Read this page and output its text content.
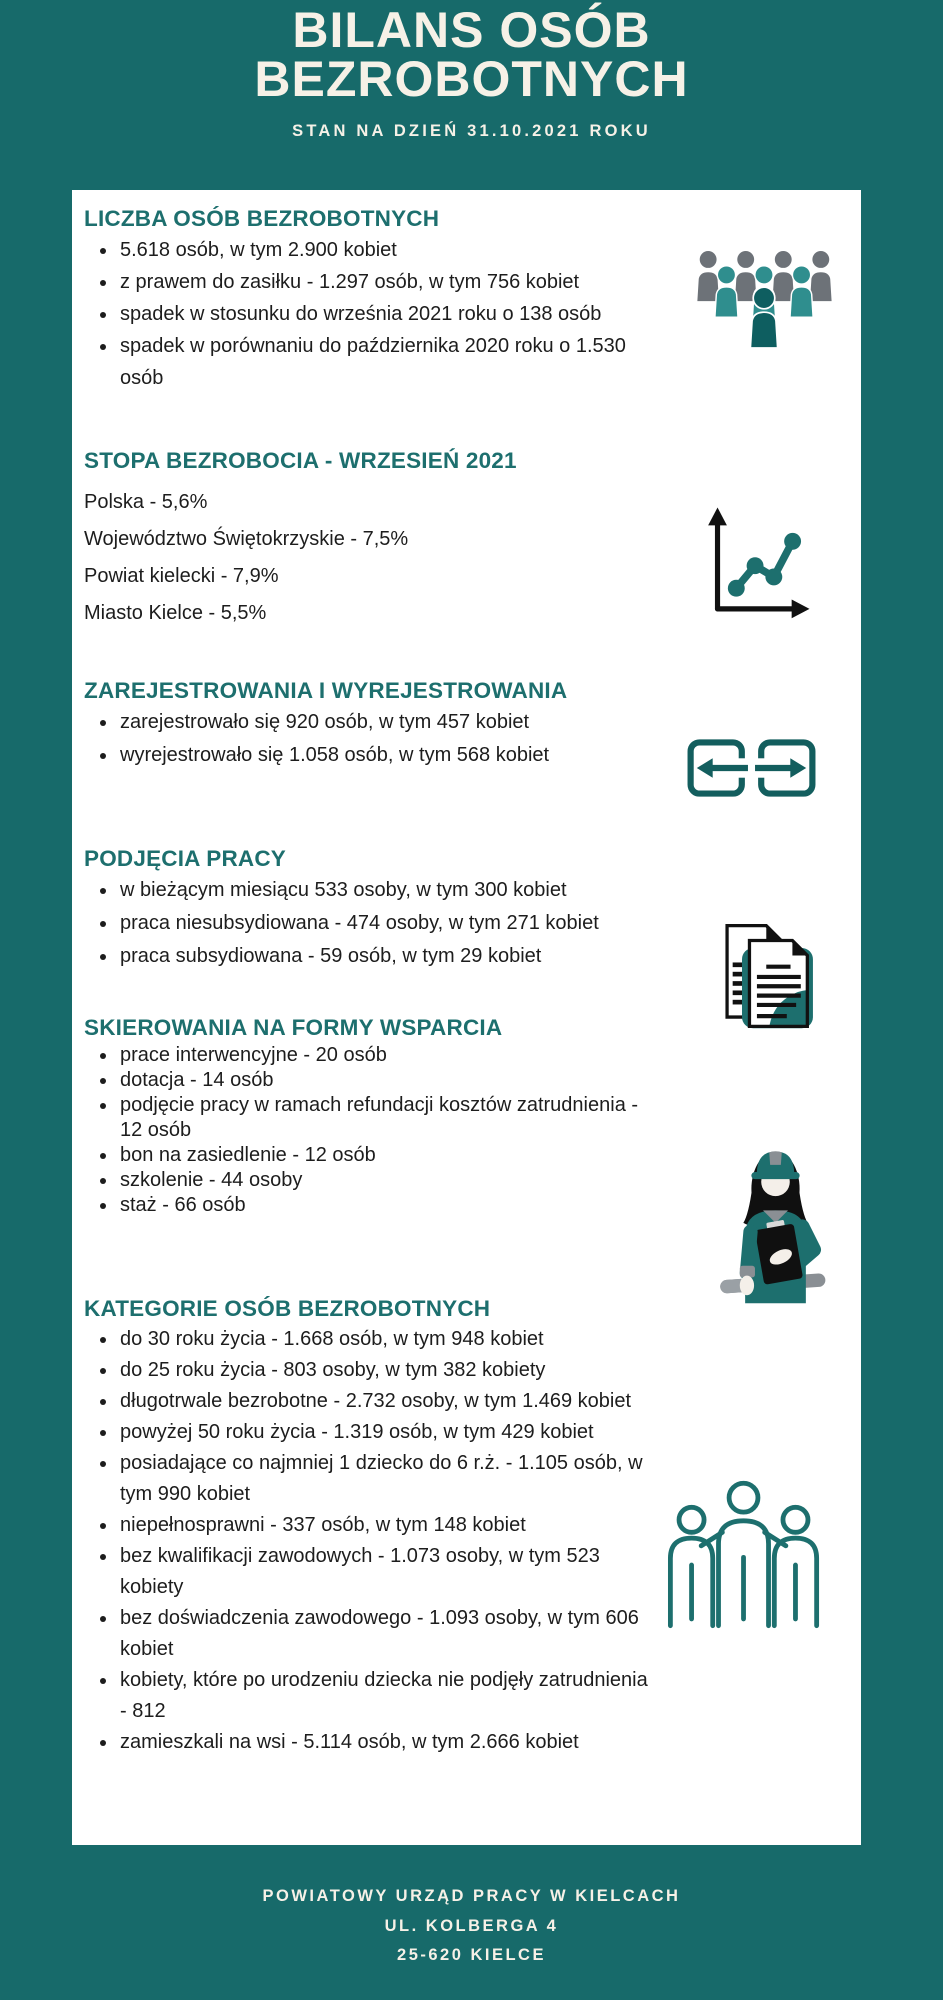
BILANS OSÓB
BEZROBOTNYCH
STAN NA DZIEŃ 31.10.2021 ROKU
LICZBA OSÓB BEZROBOTNYCH
• 5.618 osób, w tym 2.900 kobiet
• z prawem do zasiłku - 1.297 osób, w tym 756 kobiet
• spadek w stosunku do września 2021 roku o 138 osób
• spadek w porównaniu do października 2020 roku o 1.530 osób
STOPA BEZROBOCIA - WRZESIEŃ 2021
Polska - 5,6%
Województwo Świętokrzyskie - 7,5%
Powiat kielecki - 7,9%
Miasto Kielce - 5,5%
ZAREJESTROWANIA I WYREJESTROWANIA
• zarejestrowało się 920 osób, w tym 457 kobiet
• wyrejestrowało się 1.058 osób, w tym 568 kobiet
PODJĘCIA PRACY
• w bieżącym miesiącu 533 osoby, w tym 300 kobiet
• praca niesubsydiowana - 474 osoby, w tym 271 kobiet
• praca subsydiowana - 59 osób, w tym 29 kobiet
SKIEROWANIA NA FORMY WSPARCIA
• prace interwencyjne - 20 osób
• dotacja - 14 osób
• podjęcie pracy w ramach refundacji kosztów zatrudnienia - 12 osób
• bon na zasiedlenie - 12 osób
• szkolenie - 44 osoby
• staż - 66 osób
KATEGORIE OSÓB BEZROBOTNYCH
• do 30 roku życia - 1.668 osób, w tym 948 kobiet
• do 25 roku życia - 803 osoby, w tym 382 kobiety
• długotrwale bezrobotne - 2.732 osoby, w tym 1.469 kobiet
• powyżej 50 roku życia - 1.319 osób, w tym 429 kobiet
• posiadające co najmniej 1 dziecko do 6 r.ż. - 1.105 osób, w tym 990 kobiet
• niepełnosprawni - 337 osób, w tym 148 kobiet
• bez kwalifikacji zawodowych - 1.073 osoby, w tym 523 kobiety
• bez doświadczenia zawodowego - 1.093 osoby, w tym 606 kobiet
• kobiety, które po urodzeniu dziecka nie podjęły zatrudnienia - 812
• zamieszkali na wsi - 5.114 osób, w tym 2.666 kobiet
POWIATOWY URZĄD PRACY W KIELCACH
UL. KOLBERGA 4
25-620 KIELCE
